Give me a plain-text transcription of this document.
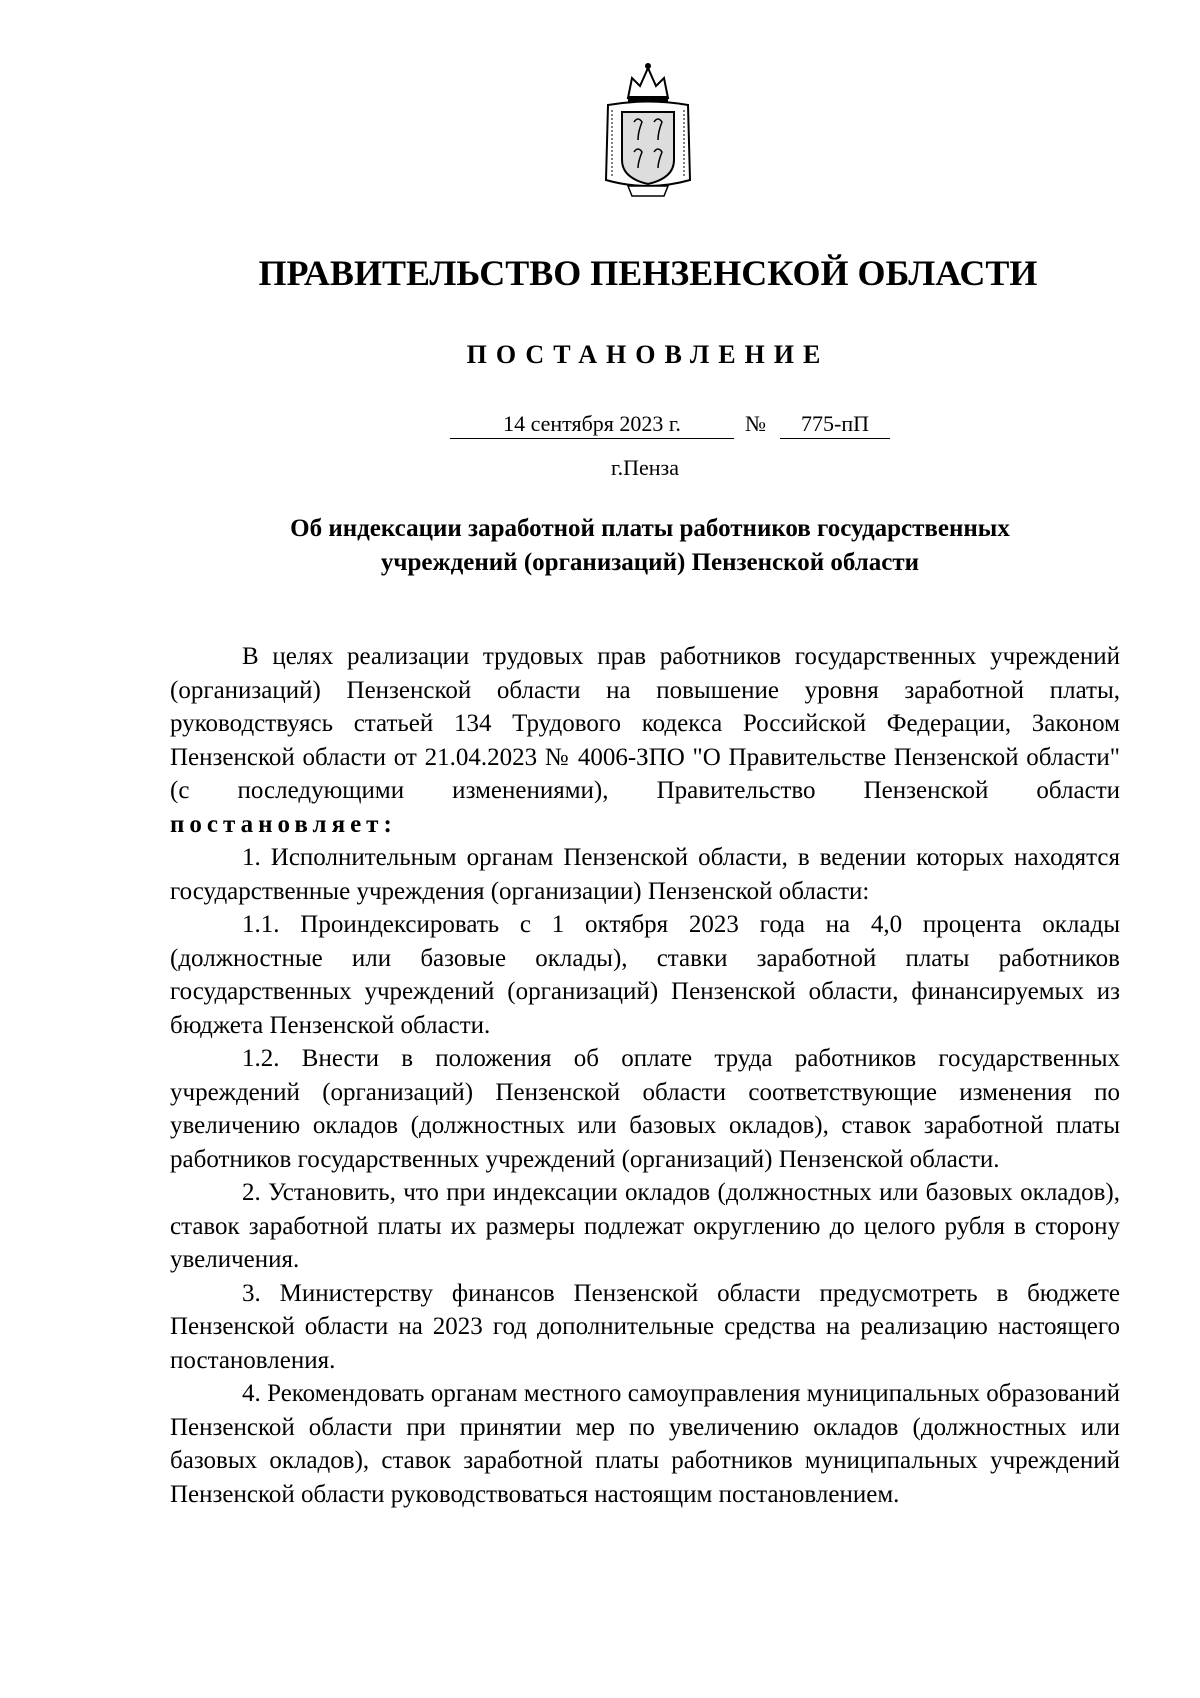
ПРАВИТЕЛЬСТВО ПЕНЗЕНСКОЙ ОБЛАСТИ
ПОСТАНОВЛЕНИЕ
14 сентября 2023 г.	№	775-пП
г.Пенза
Об индексации заработной платы работников государственных
учреждений (организаций) Пензенской области

В целях реализации трудовых прав работников государственных учреждений (организаций) Пензенской области на повышение уровня заработной платы, руководствуясь статьей 134 Трудового кодекса Российской Федерации, Законом Пензенской области от 21.04.2023 № 4006-ЗПО "О Правительстве Пензенской области" (с последующими изменениями), Правительство Пензенской области постановляет:

1. Исполнительным органам Пензенской области, в ведении которых находятся государственные учреждения (организации) Пензенской области:

1.1. Проиндексировать с 1 октября 2023 года на 4,0 процента оклады (должностные или базовые оклады), ставки заработной платы работников государственных учреждений (организаций) Пензенской области, финансируемых из бюджета Пензенской области.

1.2. Внести в положения об оплате труда работников государственных учреждений (организаций) Пензенской области соответствующие изменения по увеличению окладов (должностных или базовых окладов), ставок заработной платы работников государственных учреждений (организаций) Пензенской области.

2. Установить, что при индексации окладов (должностных или базовых окладов), ставок заработной платы их размеры подлежат округлению до целого рубля в сторону увеличения.

3. Министерству финансов Пензенской области предусмотреть в бюджете Пензенской области на 2023 год дополнительные средства на реализацию настоящего постановления.

4. Рекомендовать органам местного самоуправления муниципальных образований Пензенской области при принятии мер по увеличению окладов (должностных или базовых окладов), ставок заработной платы работников муниципальных учреждений Пензенской области руководствоваться настоящим постановлением.
